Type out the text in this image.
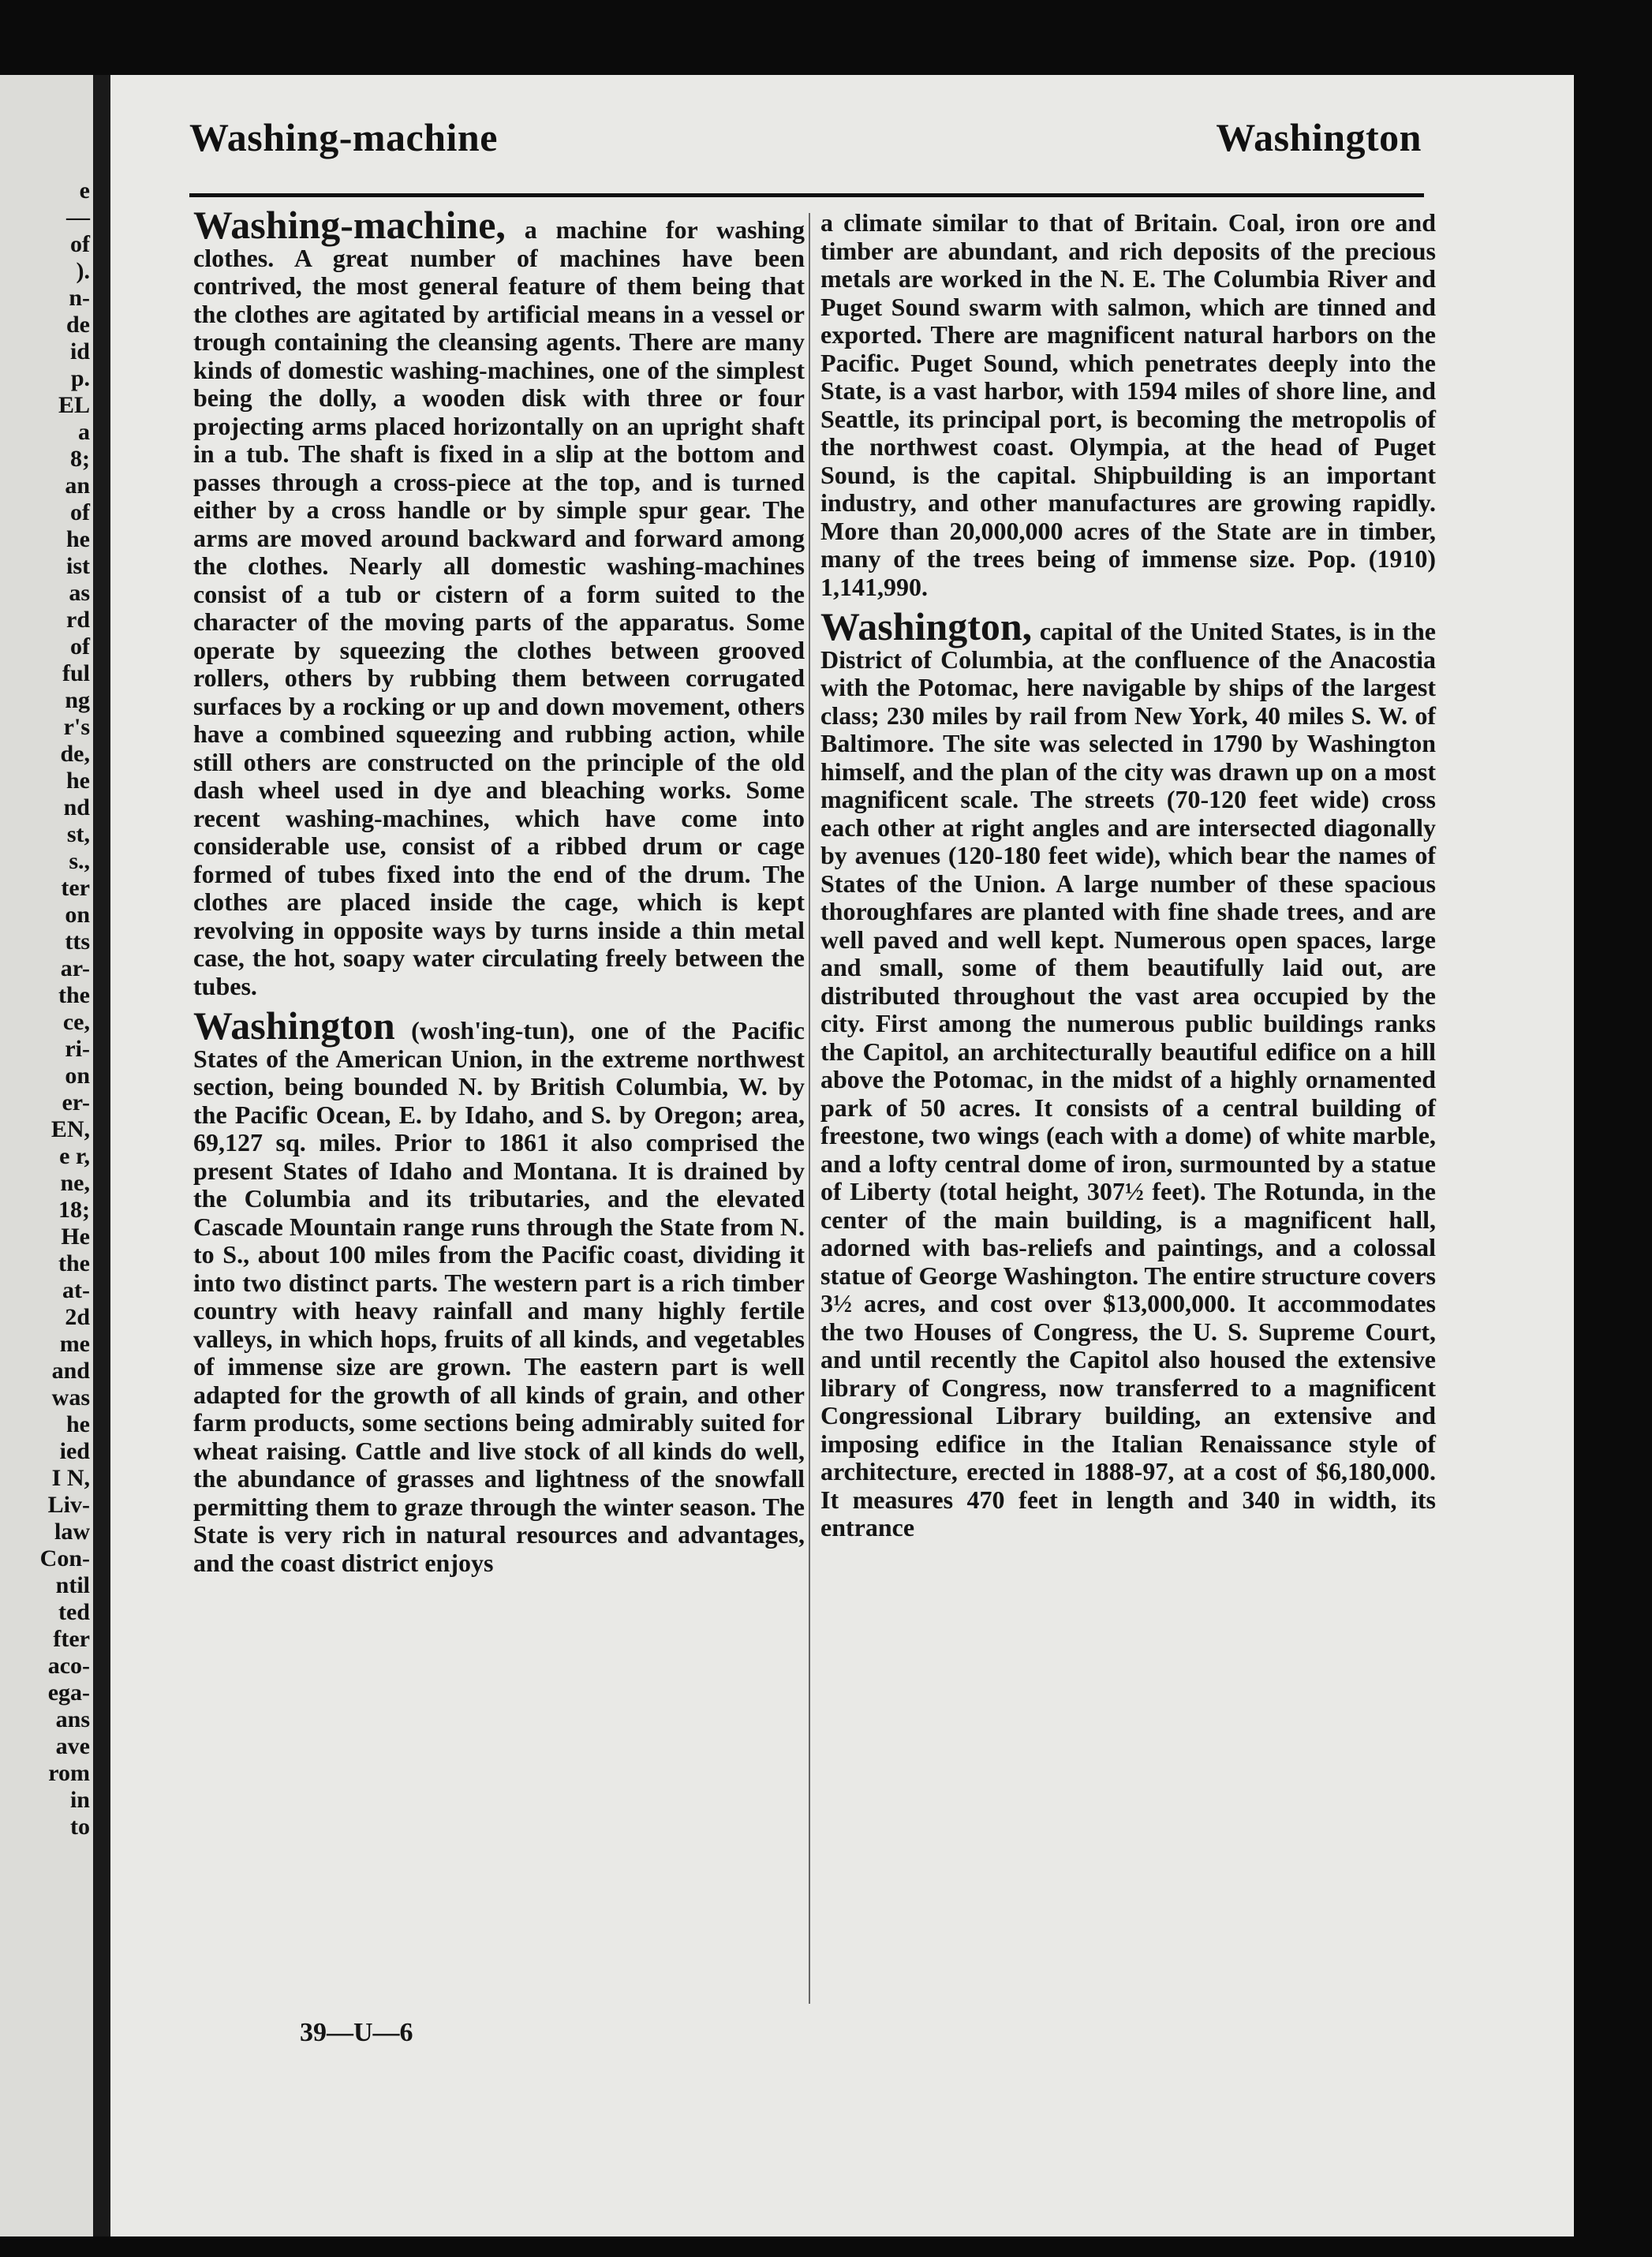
e
—
of
).
n-
de
id
p.
EL
a
8;
an
of
he
ist
as
rd
of
ful
ng
r's
de,
he
nd
st,
s.,
ter
on
tts
ar-
the
ce,
ri-
on
er-
EN,
e r,
ne,
18;
He
the
at-
2d
me
and
was
he
ied
I N,
Liv-
law
Con-
ntil
ted
fter
aco-
ega-
ans
ave
rom
in
to
Washing-machine	Washington

Washing-machine, a machine for washing clothes. A great number of machines have been contrived, the most general feature of them being that the clothes are agitated by artificial means in a vessel or trough containing the cleansing agents. There are many kinds of domestic washing-machines, one of the simplest being the dolly, a wooden disk with three or four projecting arms placed horizontally on an upright shaft in a tub. The shaft is fixed in a slip at the bottom and passes through a cross-piece at the top, and is turned either by a cross handle or by simple spur gear. The arms are moved around backward and forward among the clothes. Nearly all domestic washing-machines consist of a tub or cistern of a form suited to the character of the moving parts of the apparatus. Some operate by squeezing the clothes between grooved rollers, others by rubbing them between corrugated surfaces by a rocking or up and down movement, others have a combined squeezing and rubbing action, while still others are constructed on the principle of the old dash wheel used in dye and bleaching works. Some recent washing-machines, which have come into considerable use, consist of a ribbed drum or cage formed of tubes fixed into the end of the drum. The clothes are placed inside the cage, which is kept revolving in opposite ways by turns inside a thin metal case, the hot, soapy water circulating freely between the tubes.

Washington (wosh'ing-tun), one of the Pacific States of the American Union, in the extreme northwest section, being bounded N. by British Columbia, W. by the Pacific Ocean, E. by Idaho, and S. by Oregon; area, 69,127 sq. miles. Prior to 1861 it also comprised the present States of Idaho and Montana. It is drained by the Columbia and its tributaries, and the elevated Cascade Mountain range runs through the State from N. to S., about 100 miles from the Pacific coast, dividing it into two distinct parts. The western part is a rich timber country with heavy rainfall and many highly fertile valleys, in which hops, fruits of all kinds, and vegetables of immense size are grown. The eastern part is well adapted for the growth of all kinds of grain, and other farm products, some sections being admirably suited for wheat raising. Cattle and live stock of all kinds do well, the abundance of grasses and lightness of the snowfall permitting them to graze through the winter season. The State is very rich in natural resources and advantages, and the coast district enjoys

a climate similar to that of Britain. Coal, iron ore and timber are abundant, and rich deposits of the precious metals are worked in the N. E. The Columbia River and Puget Sound swarm with salmon, which are tinned and exported. There are magnificent natural harbors on the Pacific. Puget Sound, which penetrates deeply into the State, is a vast harbor, with 1594 miles of shore line, and Seattle, its principal port, is becoming the metropolis of the northwest coast. Olympia, at the head of Puget Sound, is the capital. Shipbuilding is an important industry, and other manufactures are growing rapidly. More than 20,000,000 acres of the State are in timber, many of the trees being of immense size. Pop. (1910) 1,141,990.

Washington, capital of the United States, is in the District of Columbia, at the confluence of the Anacostia with the Potomac, here navigable by ships of the largest class; 230 miles by rail from New York, 40 miles S. W. of Baltimore. The site was selected in 1790 by Washington himself, and the plan of the city was drawn up on a most magnificent scale. The streets (70-120 feet wide) cross each other at right angles and are intersected diagonally by avenues (120-180 feet wide), which bear the names of States of the Union. A large number of these spacious thoroughfares are planted with fine shade trees, and are well paved and well kept. Numerous open spaces, large and small, some of them beautifully laid out, are distributed throughout the vast area occupied by the city. First among the numerous public buildings ranks the Capitol, an architecturally beautiful edifice on a hill above the Potomac, in the midst of a highly ornamented park of 50 acres. It consists of a central building of freestone, two wings (each with a dome) of white marble, and a lofty central dome of iron, surmounted by a statue of Liberty (total height, 307½ feet). The Rotunda, in the center of the main building, is a magnificent hall, adorned with bas-reliefs and paintings, and a colossal statue of George Washington. The entire structure covers 3½ acres, and cost over $13,000,000. It accommodates the two Houses of Congress, the U. S. Supreme Court, and until recently the Capitol also housed the extensive library of Congress, now transferred to a magnificent Congressional Library building, an extensive and imposing edifice in the Italian Renaissance style of architecture, erected in 1888-97, at a cost of $6,180,000. It measures 470 feet in length and 340 in width, its entrance

39—U—6
